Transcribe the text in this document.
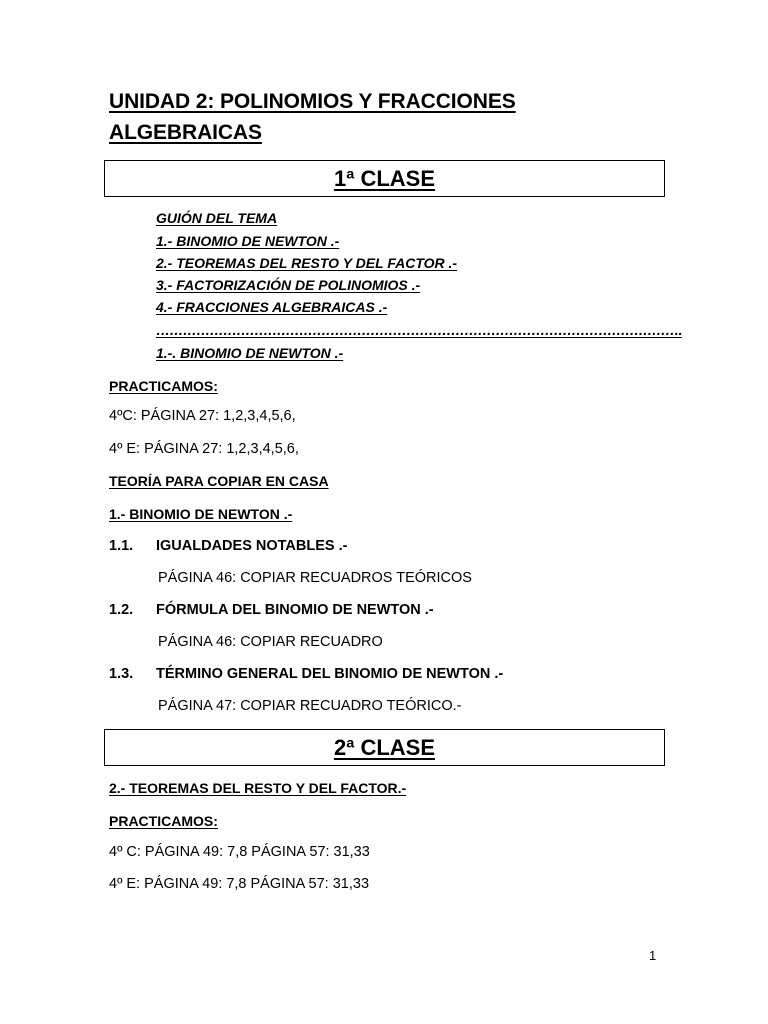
UNIDAD 2: POLINOMIOS Y FRACCIONES
ALGEBRAICAS
1ª CLASE
GUIÓN DEL TEMA
1.- BINOMIO DE NEWTON .-
2.- TEOREMAS DEL RESTO Y DEL FACTOR .-
3.- FACTORIZACIÓN DE POLINOMIOS .-
4.- FRACCIONES ALGEBRAICAS .-
……………………………………………………………………………………………………….
1.-. BINOMIO DE NEWTON .-
PRACTICAMOS:
4ºC: PÁGINA 27: 1,2,3,4,5,6,
4º E: PÁGINA 27: 1,2,3,4,5,6,
TEORÍA PARA COPIAR EN CASA
1.- BINOMIO DE NEWTON .-
1.1. IGUALDADES NOTABLES .-
PÁGINA 46: COPIAR RECUADROS TEÓRICOS
1.2. FÓRMULA DEL BINOMIO DE NEWTON .-
PÁGINA 46: COPIAR RECUADRO
1.3. TÉRMINO GENERAL DEL BINOMIO DE NEWTON .-
PÁGINA 47: COPIAR RECUADRO TEÓRICO.-
2ª CLASE
2.- TEOREMAS DEL RESTO Y DEL FACTOR.-
PRACTICAMOS:
4º C: PÁGINA 49: 7,8 PÁGINA 57: 31,33
4º E: PÁGINA 49: 7,8 PÁGINA 57: 31,33
1
